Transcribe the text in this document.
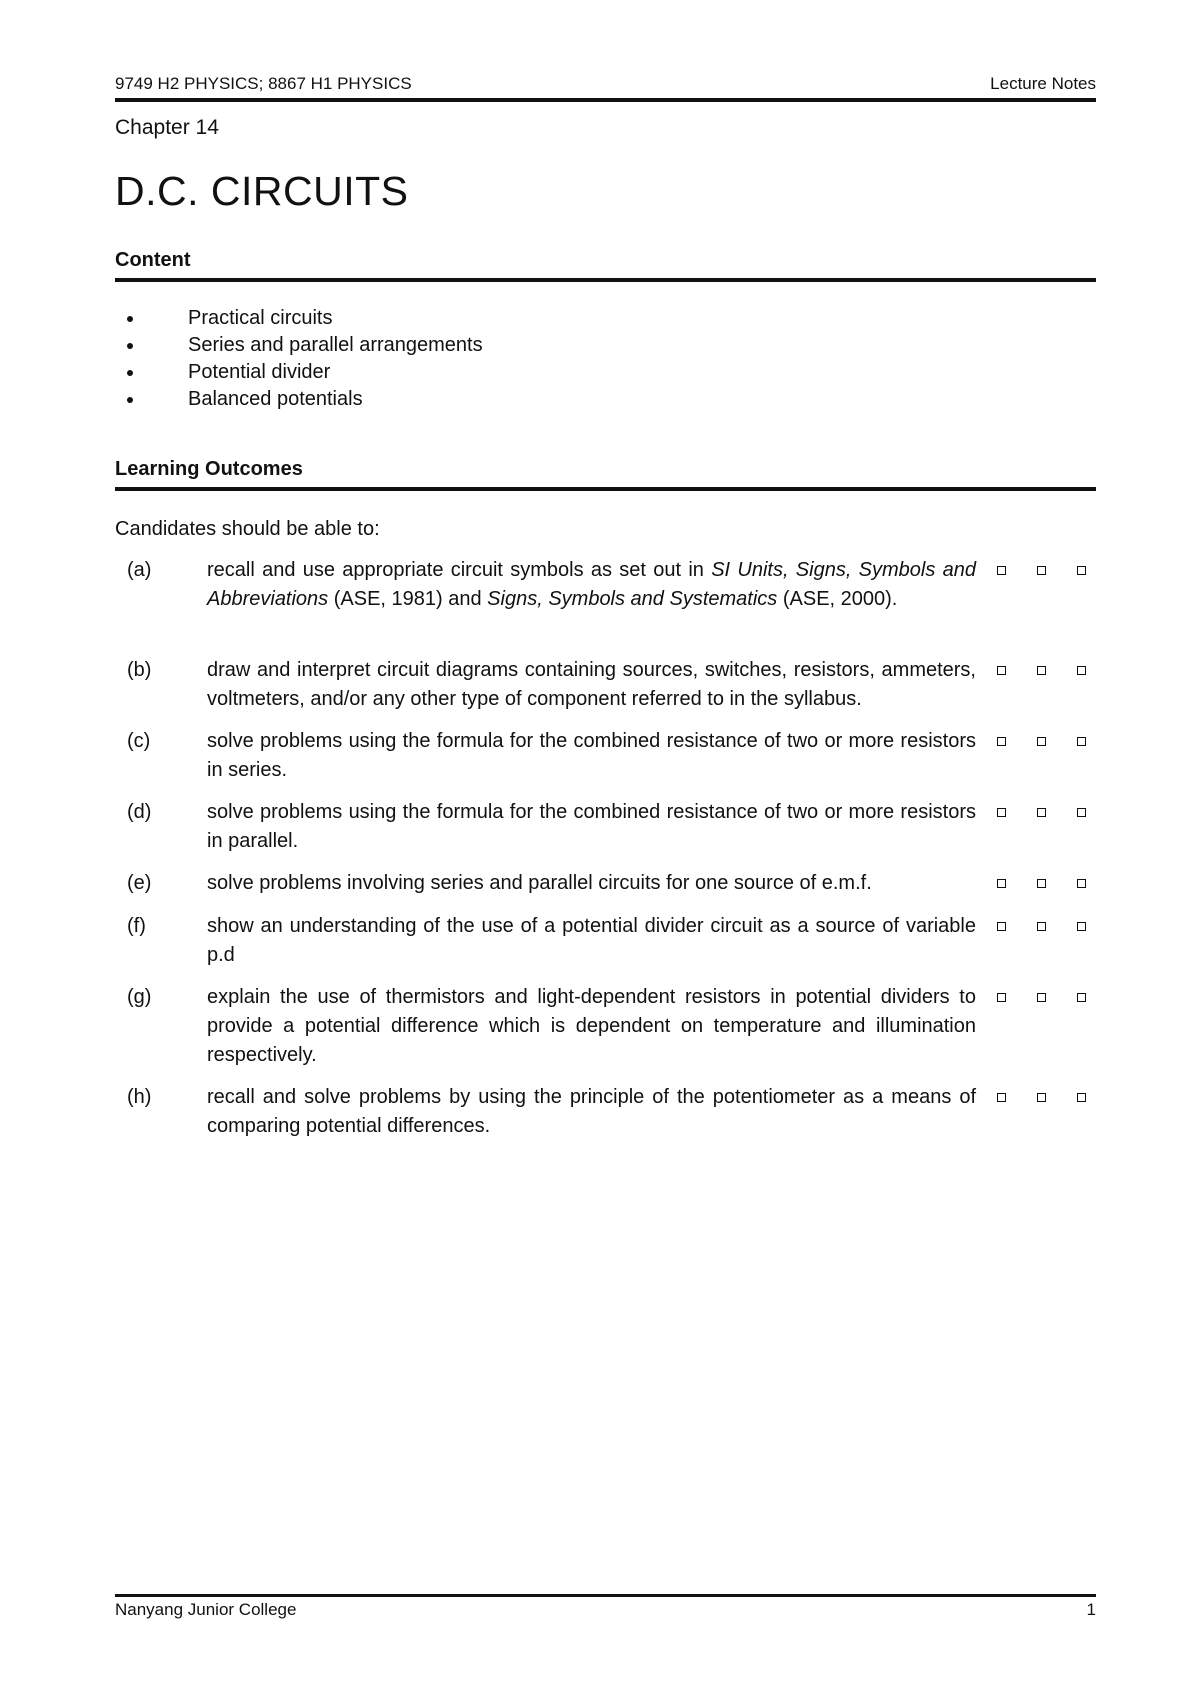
9749 H2 PHYSICS; 8867 H1 PHYSICS	Lecture Notes
Chapter 14
D.C. CIRCUITS
Content
Practical circuits
Series and parallel arrangements
Potential divider
Balanced potentials
Learning Outcomes
Candidates should be able to:
(a)	recall and use appropriate circuit symbols as set out in SI Units, Signs, Symbols and Abbreviations (ASE, 1981) and Signs, Symbols and Systematics (ASE, 2000).
(b)	draw and interpret circuit diagrams containing sources, switches, resistors, ammeters, voltmeters, and/or any other type of component referred to in the syllabus.
(c)	solve problems using the formula for the combined resistance of two or more resistors in series.
(d)	solve problems using the formula for the combined resistance of two or more resistors in parallel.
(e)	solve problems involving series and parallel circuits for one source of e.m.f.
(f)	show an understanding of the use of a potential divider circuit as a source of variable p.d
(g)	explain the use of thermistors and light-dependent resistors in potential dividers to provide a potential difference which is dependent on temperature and illumination respectively.
(h)	recall and solve problems by using the principle of the potentiometer as a means of comparing potential differences.
Nanyang Junior College	1
